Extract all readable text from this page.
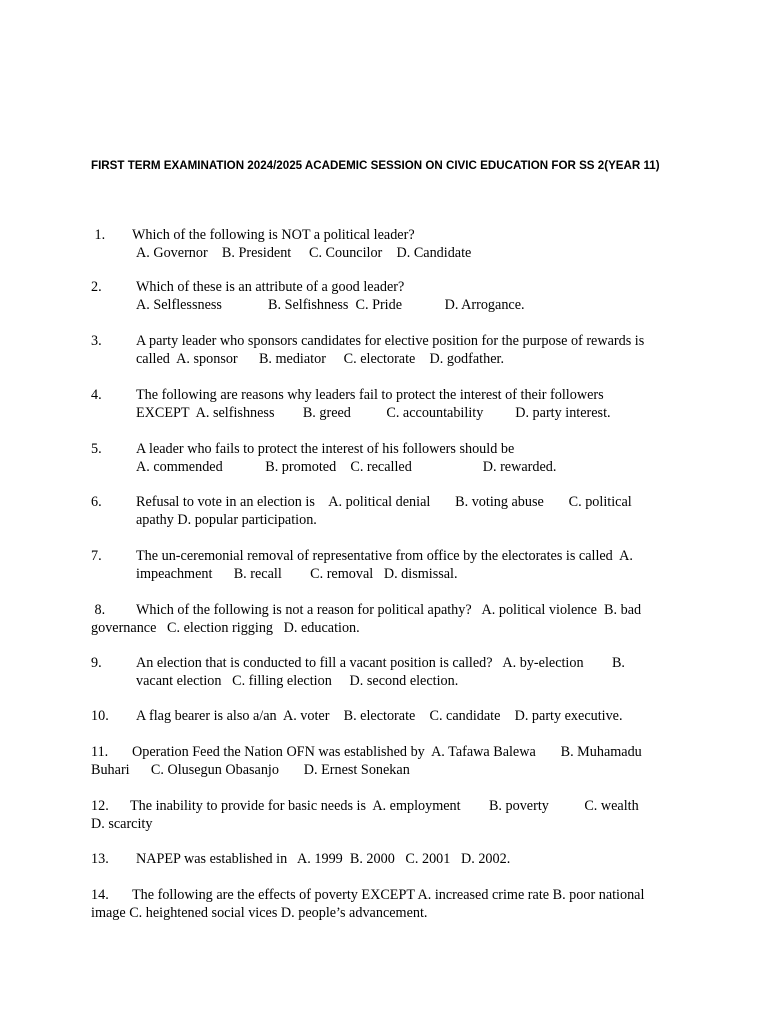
FIRST TERM EXAMINATION 2024/2025 ACADEMIC SESSION ON CIVIC EDUCATION FOR SS 2(YEAR 11)
1. Which of the following is NOT a political leader?
A. Governor    B. President     C. Councilor    D. Candidate
2. Which of these is an attribute of a good leader?
A. Selflessness             B. Selfishness  C. Pride            D. Arrogance.
3. A party leader who sponsors candidates for elective position for the purpose of rewards is
called  A. sponsor      B. mediator     C. electorate    D. godfather.
4. The following are reasons why leaders fail to protect the interest of their followers
EXCEPT  A. selfishness        B. greed          C. accountability         D. party interest.
5. A leader who fails to protect the interest of his followers should be
A. commended            B. promoted    C. recalled                    D. rewarded.
6. Refusal to vote in an election is    A. political denial       B. voting abuse       C. political
apathy D. popular participation.
7. The un-ceremonial removal of representative from office by the electorates is called  A.
impeachment      B. recall        C. removal   D. dismissal.
8. Which of the following is not a reason for political apathy?   A. political violence  B. bad
governance   C. election rigging   D. education.
9. An election that is conducted to fill a vacant position is called?   A. by-election        B.
vacant election   C. filling election     D. second election.
10. A flag bearer is also a/an  A. voter    B. electorate    C. candidate    D. party executive.
11. Operation Feed the Nation OFN was established by  A. Tafawa Balewa       B. Muhamadu
Buhari      C. Olusegun Obasanjo       D. Ernest Sonekan
12. The inability to provide for basic needs is  A. employment        B. poverty          C. wealth
D. scarcity
13. NAPEP was established in   A. 1999  B. 2000   C. 2001   D. 2002.
14. The following are the effects of poverty EXCEPT A. increased crime rate B. poor national
image C. heightened social vices D. people’s advancement.
